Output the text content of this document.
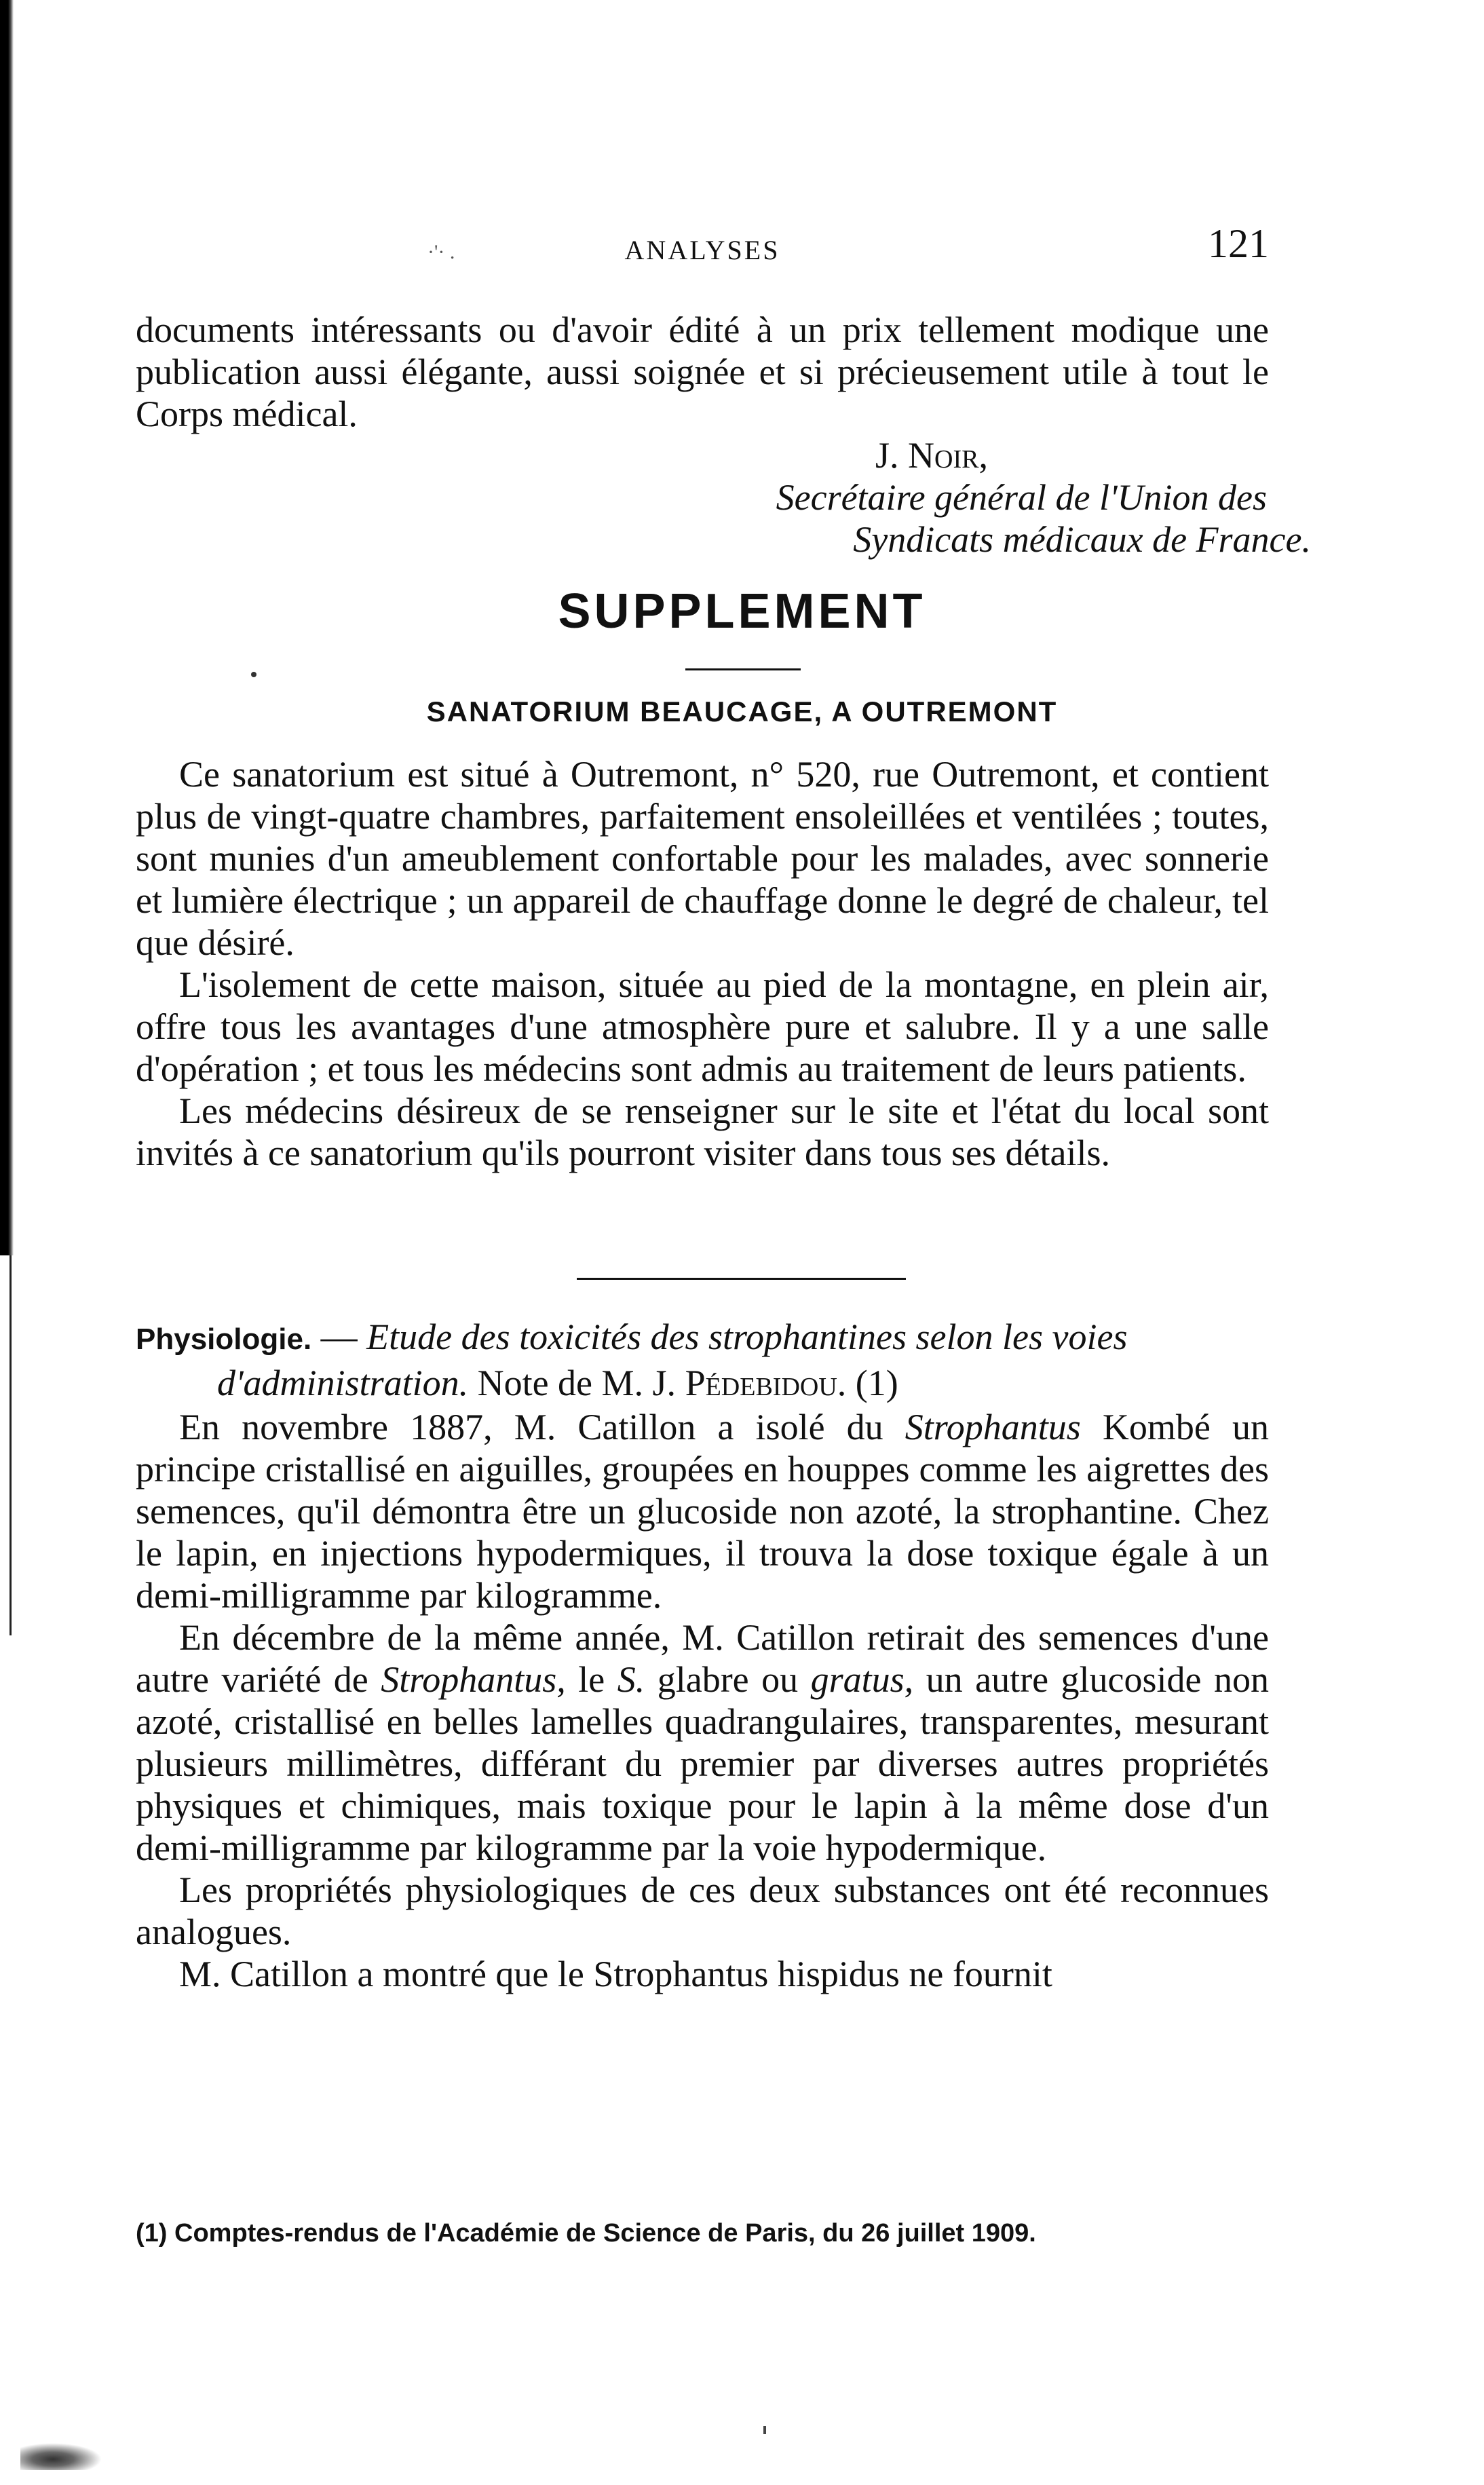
·'· .	ANALYSES	121

documents intéressants ou d'avoir édité à un prix tellement modique une publication aussi élégante, aussi soignée et si précieusement utile à tout le Corps médical.

J. Noir,
Secrétaire général de l'Union des
Syndicats médicaux de France.
SUPPLEMENT
SANATORIUM BEAUCAGE, A OUTREMONT

Ce sanatorium est situé à Outremont, n° 520, rue Outremont, et contient plus de vingt-quatre chambres, parfaitement ensoleillées et ventilées ; toutes, sont munies d'un ameublement confortable pour les malades, avec sonnerie et lumière électrique ; un appareil de chauffage donne le degré de chaleur, tel que désiré.

L'isolement de cette maison, située au pied de la montagne, en plein air, offre tous les avantages d'une atmosphère pure et salubre. Il y a une salle d'opération ; et tous les médecins sont admis au traitement de leurs patients.

Les médecins désireux de se renseigner sur le site et l'état du local sont invités à ce sanatorium qu'ils pourront visiter dans tous ses détails.

Physiologie. — Etude des toxicités des strophantines selon les voies
d'administration. Note de M. J. Pédebidou. (1)

En novembre 1887, M. Catillon a isolé du Strophantus Kombé un principe cristallisé en aiguilles, groupées en houppes comme les aigrettes des semences, qu'il démontra être un glucoside non azoté, la strophantine. Chez le lapin, en injections hypodermiques, il trouva la dose toxique égale à un demi-milligramme par kilogramme.

En décembre de la même année, M. Catillon retirait des semences d'une autre variété de Strophantus, le S. glabre ou gratus, un autre glucoside non azoté, cristallisé en belles lamelles quadrangulaires, transparentes, mesurant plusieurs millimètres, différant du premier par diverses autres propriétés physiques et chimiques, mais toxique pour le lapin à la même dose d'un demi-milligramme par kilogramme par la voie hypodermique.

Les propriétés physiologiques de ces deux substances ont été reconnues analogues.

M. Catillon a montré que le Strophantus hispidus ne fournit

(1) Comptes-rendus de l'Académie de Science de Paris, du 26 juillet 1909.
